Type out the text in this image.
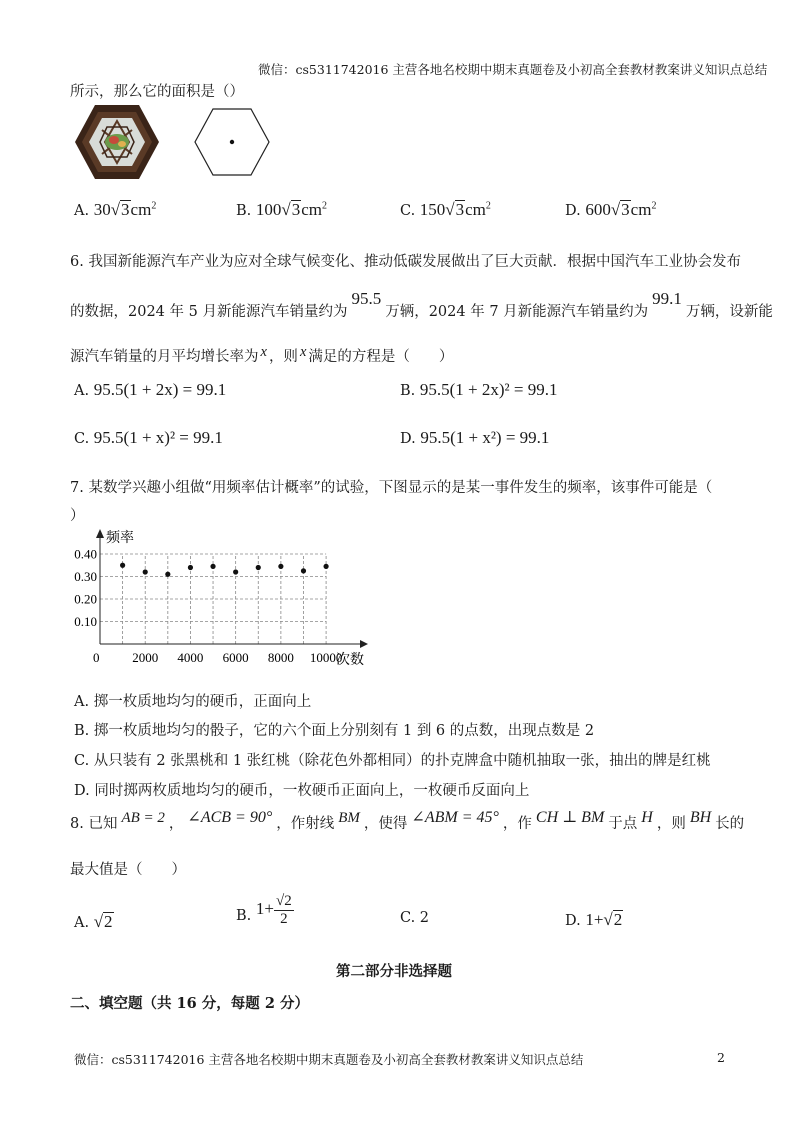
微信：cs5311742016 主营各地名校期中期末真题卷及小初高全套教材教案讲义知识点总结
所示，那么它的面积是（）
A. $30√3cm^2$	B. $100√3cm^2$	C. $150√3cm^2$	D. $600√3cm^2$
6. 我国新能源汽车产业为应对全球气候变化、推动低碳发展做出了巨大贡献．根据中国汽车工业协会发布
的数据，2024 年 5 月新能源汽车销量约为95.5万辆，2024 年 7 月新能源汽车销量约为99.1万辆，设新能
源汽车销量的月平均增长率为 x ，则 x 满足的方程是（　　）
A. 95.5(1 + 2x) = 99.1	B. 95.5(1 + 2x)² = 99.1
C. 95.5(1 + x)² = 99.1	D. 95.5(1 + x²) = 99.1
7. 某数学兴趣小组做“用频率估计概率”的试验，下图显示的是某一事件发生的频率，该事件可能是（
）
频率
次数
0
0.10
0.20
0.30
0.40
2000 4000 6000 8000 10000
A. 掷一枚质地均匀的硬币，正面向上
B. 掷一枚质地均匀的骰子，它的六个面上分别刻有 1 到 6 的点数，出现点数是 2
C. 从只装有 2 张黑桃和 1 张红桃（除花色外都相同）的扑克牌盒中随机抽取一张，抽出的牌是红桃
D. 同时掷两枚质地均匀的硬币，一枚硬币正面向上，一枚硬币反面向上
8. 已知 AB = 2 ， ∠ACB = 90° ，作射线 BM ，使得 ∠ABM = 45° ，作 CH ⊥ BM 于点 H ，则 BH 长的
最大值是（　　）
A. √2	B. $1+ \frac{√2}{2}$	C. 2	D. 1+√2
第二部分非选择题
二、填空题（共 16 分，每题 2 分）
微信：cs5311742016 主营各地名校期中期末真题卷及小初高全套教材教案讲义知识点总结	2
